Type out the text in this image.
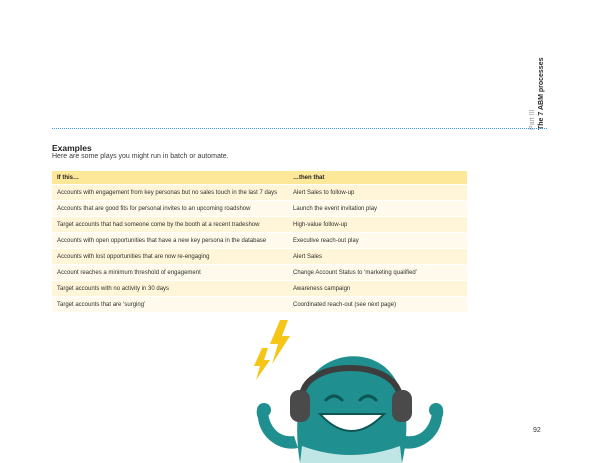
Part III The 7 ABM processes
Examples
Here are some plays you might run in batch or automate.
If this…	…then that
Accounts with engagement from key personas but no sales touch in the last 7 days	Alert Sales to follow-up
Accounts that are good fits for personal invites to an upcoming roadshow	Launch the event invitation play
Target accounts that had someone come by the booth at a recent tradeshow	High-value follow-up
Accounts with open opportunities that have a new key persona in the database	Executive reach-out play
Accounts with lost opportunities that are now re-engaging	Alert Sales
Account reaches a minimum threshold of engagement	Change Account Status to ‘marketing qualified’
Target accounts with no activity in 30 days	Awareness campaign
Target accounts that are ‘surging’	Coordinated reach-out (see next page)
92
